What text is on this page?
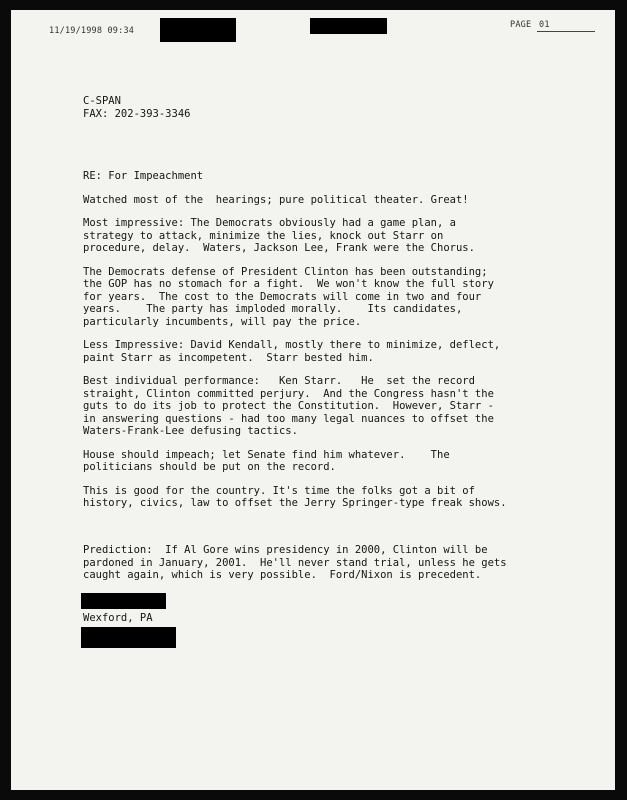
11/19/1998 09:34
PAGE 01
C-SPAN
FAX: 202-393-3346
RE: For Impeachment
Watched most of the  hearings; pure political theater. Great!
Most impressive: The Democrats obviously had a game plan, a
strategy to attack, minimize the lies, knock out Starr on
procedure, delay.  Waters, Jackson Lee, Frank were the Chorus.
The Democrats defense of President Clinton has been outstanding;
the GOP has no stomach for a fight.  We won't know the full story
for years.  The cost to the Democrats will come in two and four
years.    The party has imploded morally.    Its candidates,
particularly incumbents, will pay the price.
Less Impressive: David Kendall, mostly there to minimize, deflect,
paint Starr as incompetent.  Starr bested him.
Best individual performance:   Ken Starr.   He  set the record
straight, Clinton committed perjury.  And the Congress hasn't the
guts to do its job to protect the Constitution.  However, Starr -
in answering questions - had too many legal nuances to offset the
Waters-Frank-Lee defusing tactics.
House should impeach; let Senate find him whatever.    The
politicians should be put on the record.
This is good for the country. It's time the folks got a bit of
history, civics, law to offset the Jerry Springer-type freak shows.

Prediction:  If Al Gore wins presidency in 2000, Clinton will be
pardoned in January, 2001.  He'll never stand trial, unless he gets
caught again, which is very possible.  Ford/Nixon is precedent.
Wexford, PA
